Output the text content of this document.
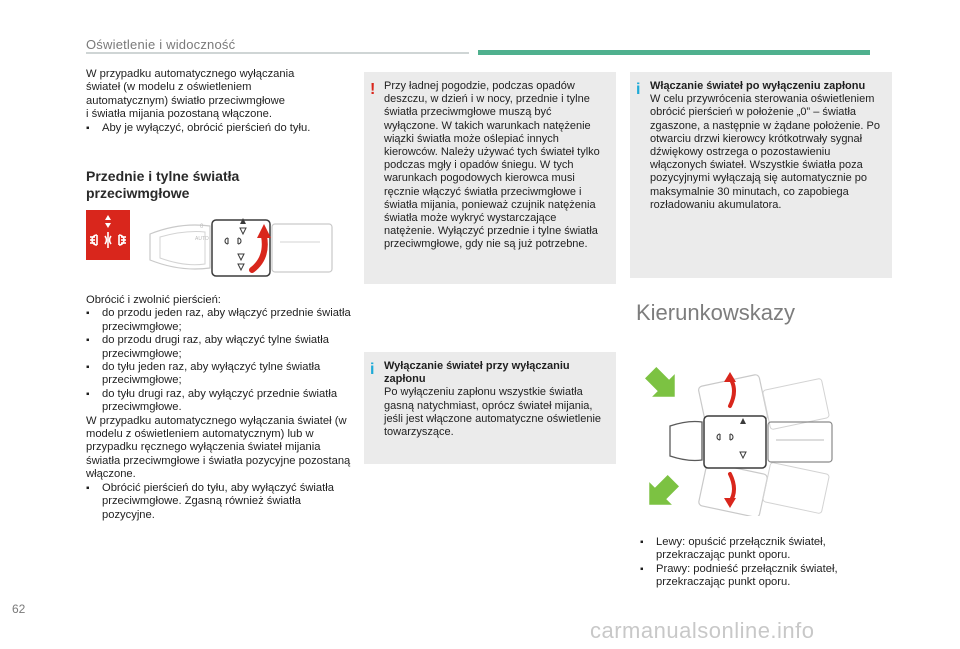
Oświetlenie i widoczność

W przypadku automatycznego wyłączania

świateł (w modelu z oświetleniem

automatycznym) światło przeciwmgłowe

i światła mijania pozostaną włączone.

▪ Aby je wyłączyć, obrócić pierścień do tyłu.

Przednie i tylne światła przeciwmgłowe
0
AUTO

Obrócić i zwolnić pierścień:

▪ do przodu jeden raz, aby włączyć przednie światła przeciwmgłowe;

▪ do przodu drugi raz, aby włączyć tylne światła przeciwmgłowe;

▪ do tyłu jeden raz, aby wyłączyć tylne światła przeciwmgłowe;

▪ do tyłu drugi raz, aby wyłączyć przednie światła przeciwmgłowe.

W przypadku automatycznego wyłączania świateł (w modelu z oświetleniem automatycznym) lub w przypadku ręcznego wyłączenia świateł mijania światła przeciwmgłowe i światła pozycyjne pozostaną włączone.

▪ Obrócić pierścień do tyłu, aby wyłączyć światła przeciwmgłowe. Zgasną również światła pozycyjne.

! Przy ładnej pogodzie, podczas opadów deszczu, w dzień i w nocy, przednie i tylne światła przeciwmgłowe muszą być wyłączone. W takich warunkach natężenie wiązki światła może oślepiać innych kierowców. Należy używać tych świateł tylko podczas mgły i opadów śniegu. W tych warunkach pogodowych kierowca musi ręcznie włączyć światła przeciwmgłowe i światła mijania, ponieważ czujnik natężenia światła może wykryć wystarczające natężenie. Wyłączyć przednie i tylne światła przeciwmgłowe, gdy nie są już potrzebne.
i Wyłączanie świateł przy wyłączaniu zapłonu
Po wyłączeniu zapłonu wszystkie światła gasną natychmiast, oprócz świateł mijania, jeśli jest włączone automatyczne oświetlenie towarzyszące.
i Włączanie świateł po wyłączeniu zapłonu
W celu przywrócenia sterowania oświetleniem obrócić pierścień w położenie „0” – światła zgaszone, a następnie w żądane położenie. Po otwarciu drzwi kierowcy krótkotrwały sygnał dźwiękowy ostrzega o pozostawieniu włączonych świateł. Wszystkie światła poza pozycyjnymi wyłączają się automatycznie po maksymalnie 30 minutach, co zapobiega rozładowaniu akumulatora.
Kierunkowskazy

▪ Lewy: opuścić przełącznik świateł, przekraczając punkt oporu.

▪ Prawy: podnieść przełącznik świateł, przekraczając punkt oporu.

62
carmanualsonline.info
